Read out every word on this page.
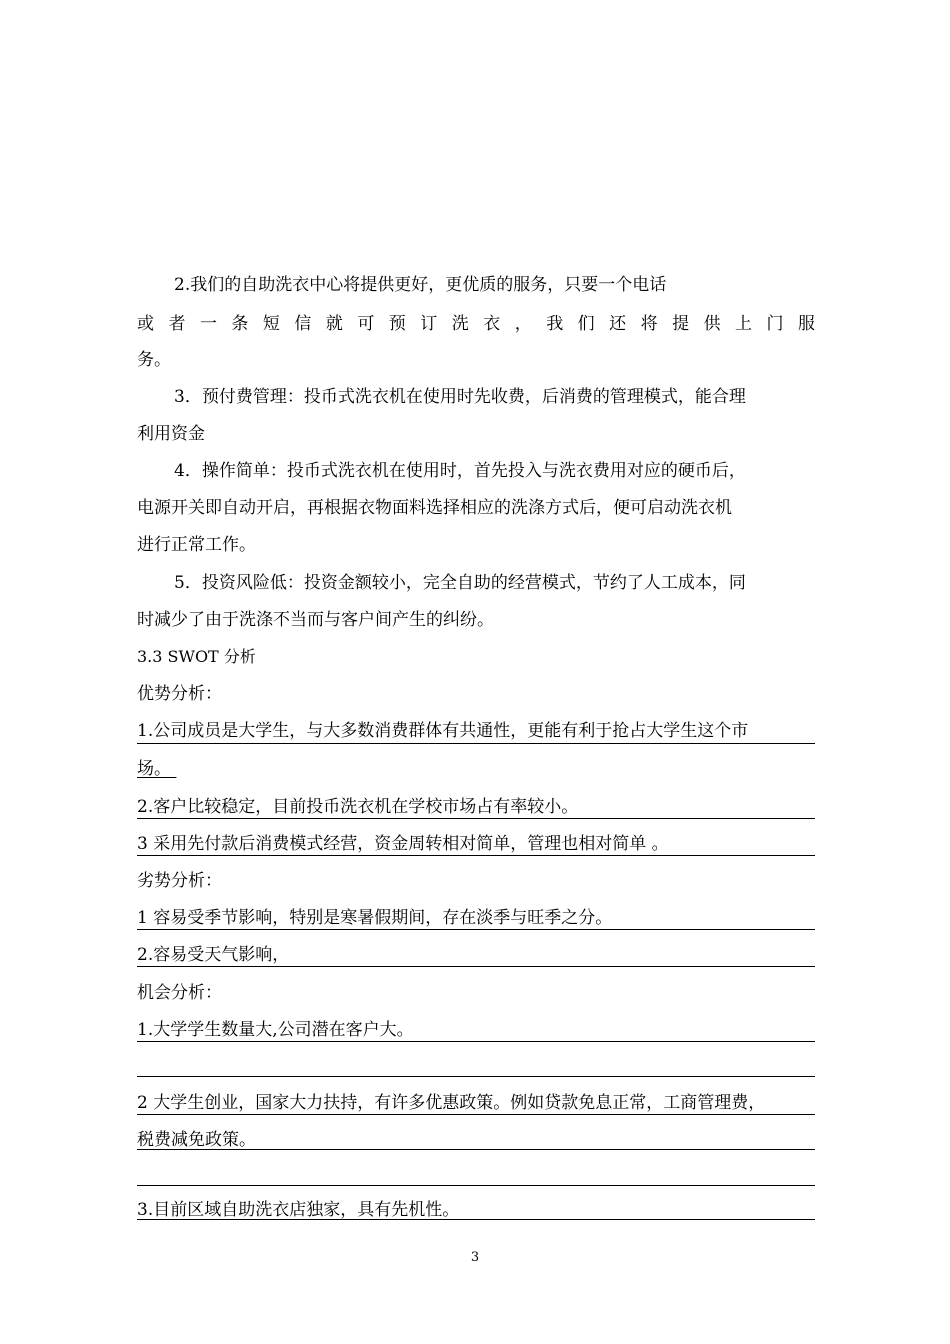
2.我们的自助洗衣中心将提供更好，更优质的服务，只要一个电话
或者一条短信就可预订洗衣，我们还将提供上门服
务。
3．预付费管理：投币式洗衣机在使用时先收费，后消费的管理模式，能合理
利用资金
4．操作简单：投币式洗衣机在使用时，首先投入与洗衣费用对应的硬币后，
电源开关即自动开启，再根据衣物面料选择相应的洗涤方式后，便可启动洗衣机
进行正常工作。
5．投资风险低：投资金额较小，完全自助的经营模式，节约了人工成本，同
时减少了由于洗涤不当而与客户间产生的纠纷。
3.3 SWOT 分析
优势分析：
1.公司成员是大学生，与大多数消费群体有共通性，更能有利于抢占大学生这个市
场。
2.客户比较稳定，目前投币洗衣机在学校市场占有率较小。
3 采用先付款后消费模式经营，资金周转相对简单，管理也相对简单 。
劣势分析：
1 容易受季节影响，特别是寒暑假期间，存在淡季与旺季之分。
2.容易受天气影响，
机会分析：
1.大学学生数量大,公司潜在客户大。
2 大学生创业，国家大力扶持，有许多优惠政策。例如贷款免息正常，工商管理费，
税费减免政策。
3.目前区域自助洗衣店独家，具有先机性。
3
